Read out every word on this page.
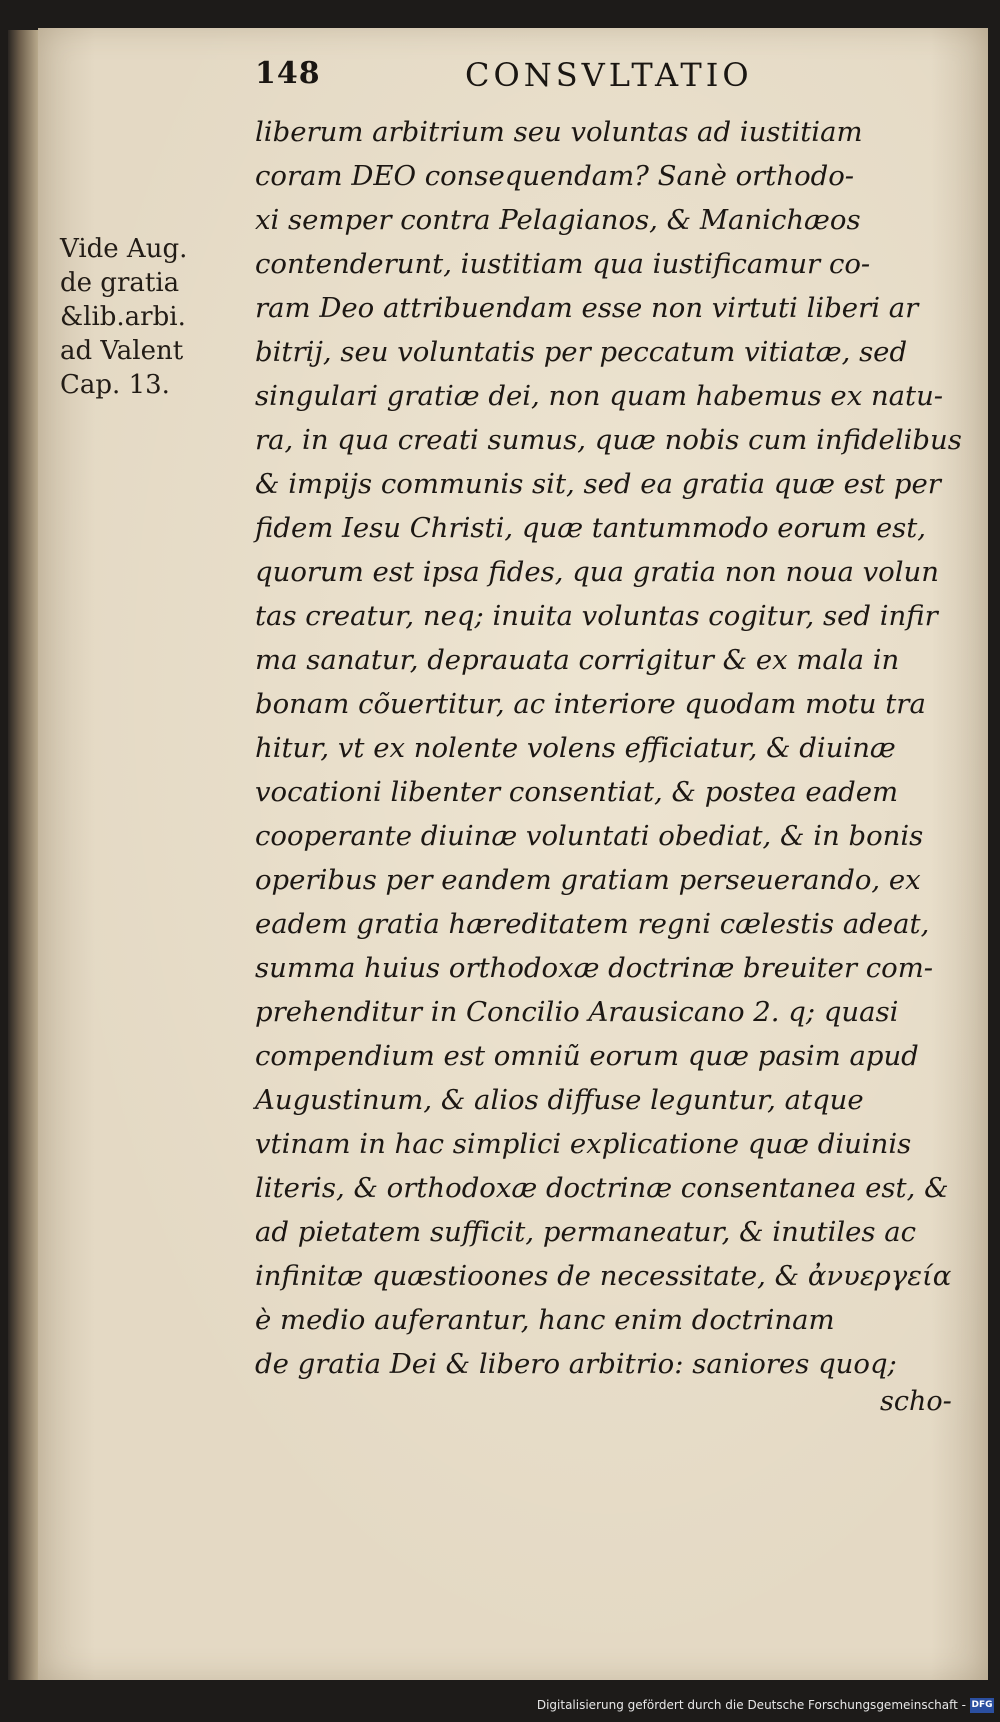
148	CONSVLTATIO
Vide Aug.
de gratia
&lib.arbi.
ad Valent
Cap. 13.
liberum arbitrium seu voluntas ad iustitiam
coram DEO consequendam? Sanè orthodo-
xi semper contra Pelagianos, & Manichæos
contenderunt, iustitiam qua iustificamur co-
ram Deo attribuendam esse non virtuti liberi ar
bitrij, seu voluntatis per peccatum vitiatæ, sed
singulari gratiæ dei, non quam habemus ex natu-
ra, in qua creati sumus, quæ nobis cum infidelibus
& impijs communis sit, sed ea gratia quæ est per
fidem Iesu Christi, quæ tantummodo eorum est,
quorum est ipsa fides, qua gratia non noua volun
tas creatur, neq; inuita voluntas cogitur, sed infir
ma sanatur, deprauata corrigitur & ex mala in
bonam cõuertitur, ac interiore quodam motu tra
hitur, vt ex nolente volens efficiatur, & diuinæ
vocationi libenter consentiat, & postea eadem
cooperante diuinæ voluntati obediat, & in bonis
operibus per eandem gratiam perseuerando, ex
eadem gratia hæreditatem regni cælestis adeat,
summa huius orthodoxæ doctrinæ breuiter com-
prehenditur in Concilio Arausicano 2. q; quasi
compendium est omniũ eorum quæ pasim apud
Augustinum, & alios diffuse leguntur, atque
vtinam in hac simplici explicatione quæ diuinis
literis, & orthodoxæ doctrinæ consentanea est, &
ad pietatem sufficit, permaneatur, & inutiles ac
infinitæ quæstioones de necessitate, & ἀνυεργεία
è medio auferantur, hanc enim doctrinam
de gratia Dei & libero arbitrio: saniores quoq;
scho-
Digitalisierung gefördert durch die Deutsche Forschungsgemeinschaft - DFG
